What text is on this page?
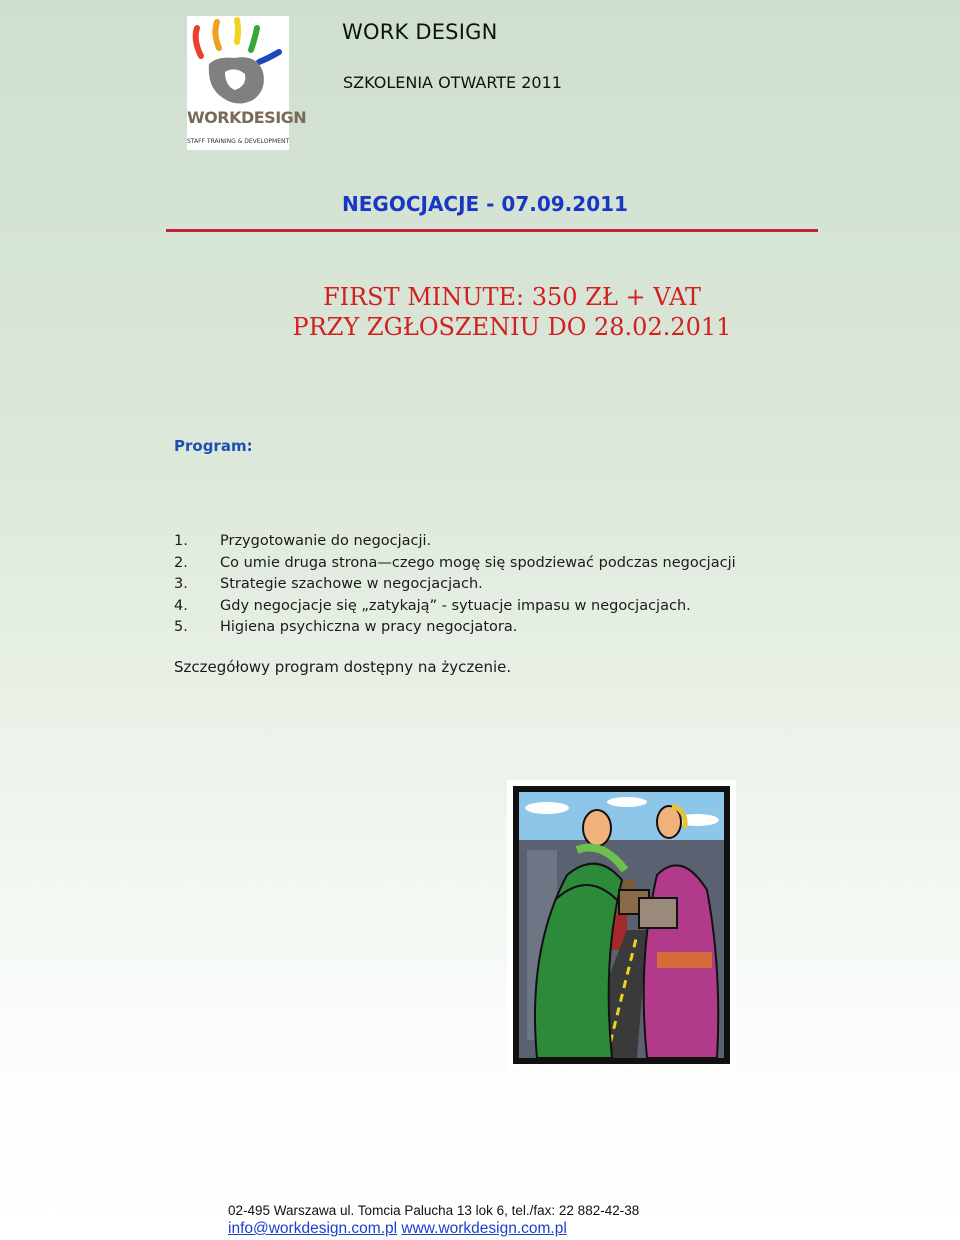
WORKDESIGN
STAFF TRAINING & DEVELOPMENT
WORK DESIGN
SZKOLENIA OTWARTE 2011
NEGOCJACJE - 07.09.2011
FIRST MINUTE: 350 ZŁ + VAT
PRZY ZGŁOSZENIU DO 28.02.2011
Program:
1. Przygotowanie do negocjacji.
2. Co umie druga strona—czego mogę się spodziewać podczas negocjacji
3. Strategie szachowe w negocjacjach.
4. Gdy negocjacje się „zatykają” - sytuacje impasu w negocjacjach.
5. Higiena psychiczna w pracy negocjatora.
Szczegółowy program dostępny na życzenie.
02-495 Warszawa ul. Tomcia Palucha 13 lok 6, tel./fax: 22 882-42-38
info@workdesign.com.pl www.workdesign.com.pl
